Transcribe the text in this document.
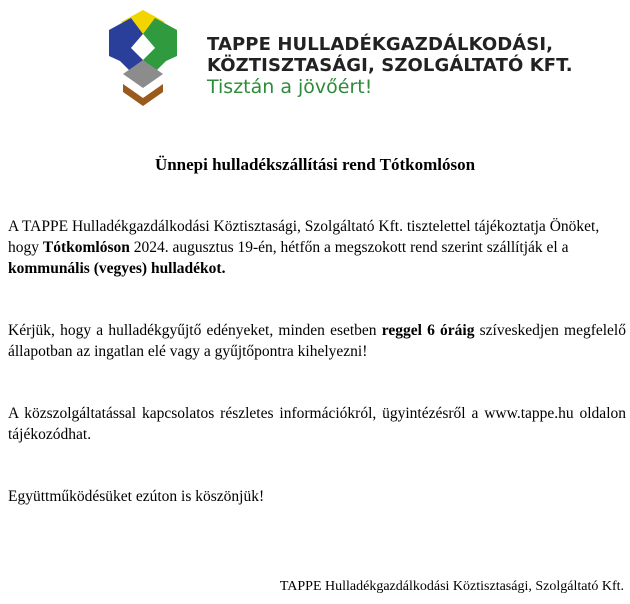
TAPPE HULLADÉKGAZDÁLKODÁSI,
KÖZTISZTASÁGI, SZOLGÁLTATÓ KFT.
Tisztán a jövőért!
Ünnepi hulladékszállítási rend Tótkomlóson
A TAPPE Hulladékgazdálkodási Köztisztasági, Szolgáltató Kft. tisztelettel tájékoztatja Önöket, hogy Tótkomlóson 2024. augusztus 19-én, hétfőn a megszokott rend szerint szállítják el a kommunális (vegyes) hulladékot.
Kérjük, hogy a hulladékgyűjtő edényeket, minden esetben reggel 6 óráig szíveskedjen megfelelő állapotban az ingatlan elé vagy a gyűjtőpontra kihelyezni!
A közszolgáltatással kapcsolatos részletes információkról, ügyintézésről a www.tappe.hu oldalon tájékozódhat.
Együttműködésüket ezúton is köszönjük!
TAPPE Hulladékgazdálkodási Köztisztasági, Szolgáltató Kft.
